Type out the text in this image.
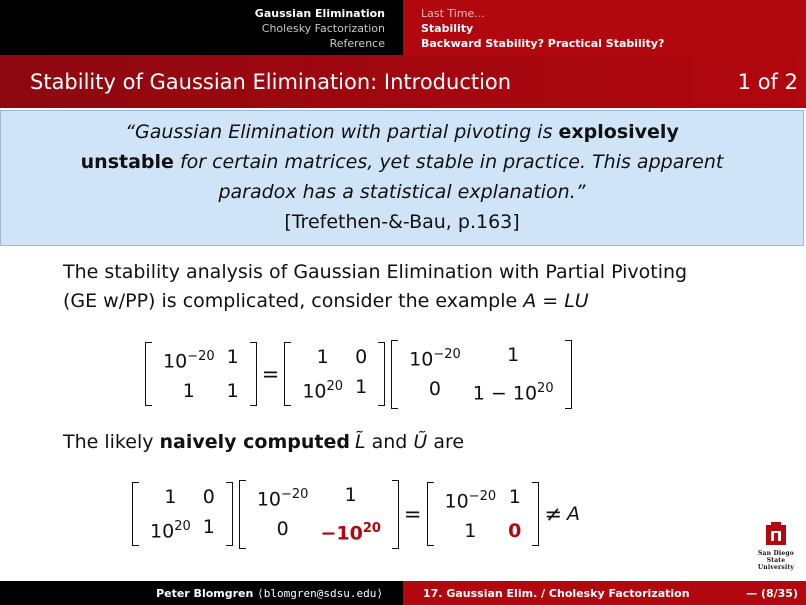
Gaussian Elimination
Cholesky Factorization
Reference
Last Time...
Stability
Backward Stability? Practical Stability?
Stability of Gaussian Elimination: Introduction	1 of 2
“Gaussian Elimination with partial pivoting is explosively
unstable for certain matrices, yet stable in practice. This apparent
paradox has a statistical explanation.”
[Trefethen-&-Bau, p.163]
The stability analysis of Gaussian Elimination with Partial Pivoting
(GE w/PP) is complicated, consider the example A = LU
$10^{-20}$ 1
1	1
=
1	0
$10^{20}$ 1
$10^{-20}$	1
0	$1 - 10^{20}$
The likely naively computed L̃ and Ũ are
1	0
$10^{20}$ 1
$10^{-20}$	1
0	$-10^{20}$
=
$10^{-20}$ 1
1	0
≠ A
San Diego State
University
Peter Blomgren ⟨blomgren@sdsu.edu⟩	17. Gaussian Elim. / Cholesky Factorization	— (8/35)
